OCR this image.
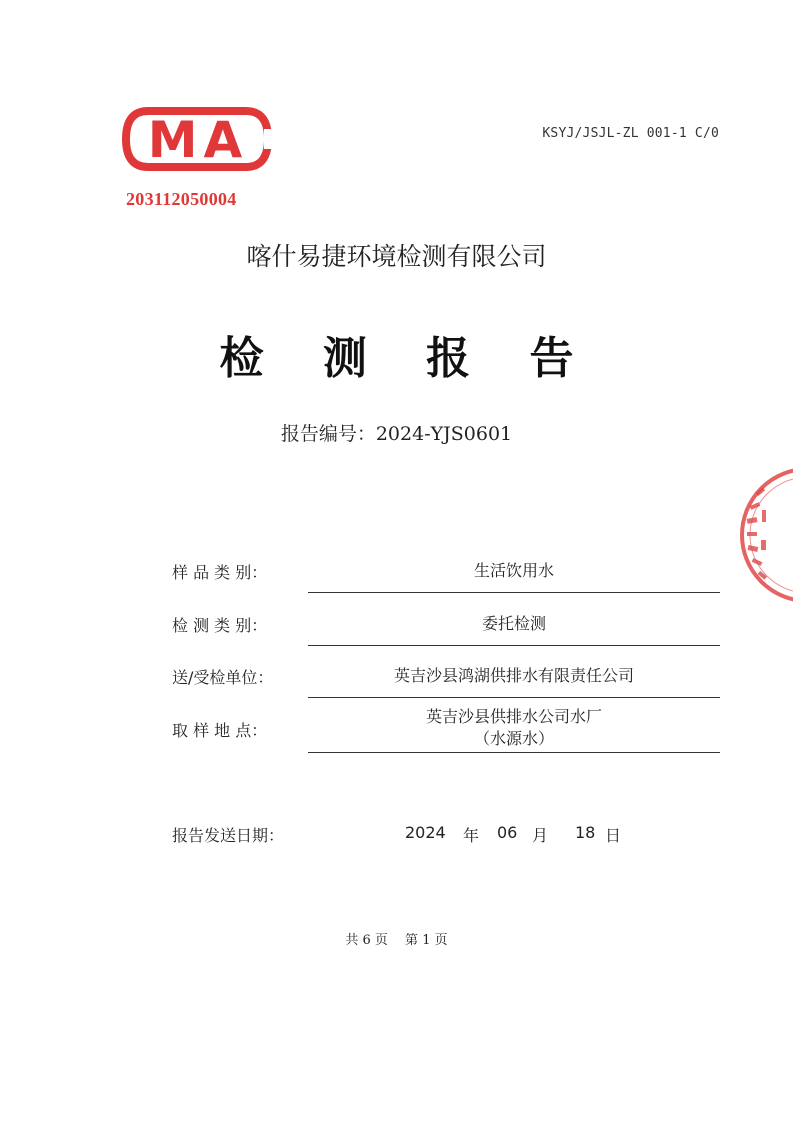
MA
203112050004
KSYJ/JSJL-ZL 001-1 C/0
喀什易捷环境检测有限公司
检 测 报 告
报告编号：2024-YJS0601
样 品 类 别：	生活饮用水
检 测 类 别：	委托检测
送/受检单位：	英吉沙县鸿湖供排水有限责任公司
取 样 地 点：
英吉沙县供排水公司水厂
（水源水）
报告发送日期：	2024 年 06 月 18 日
共 6 页　 第 1 页
